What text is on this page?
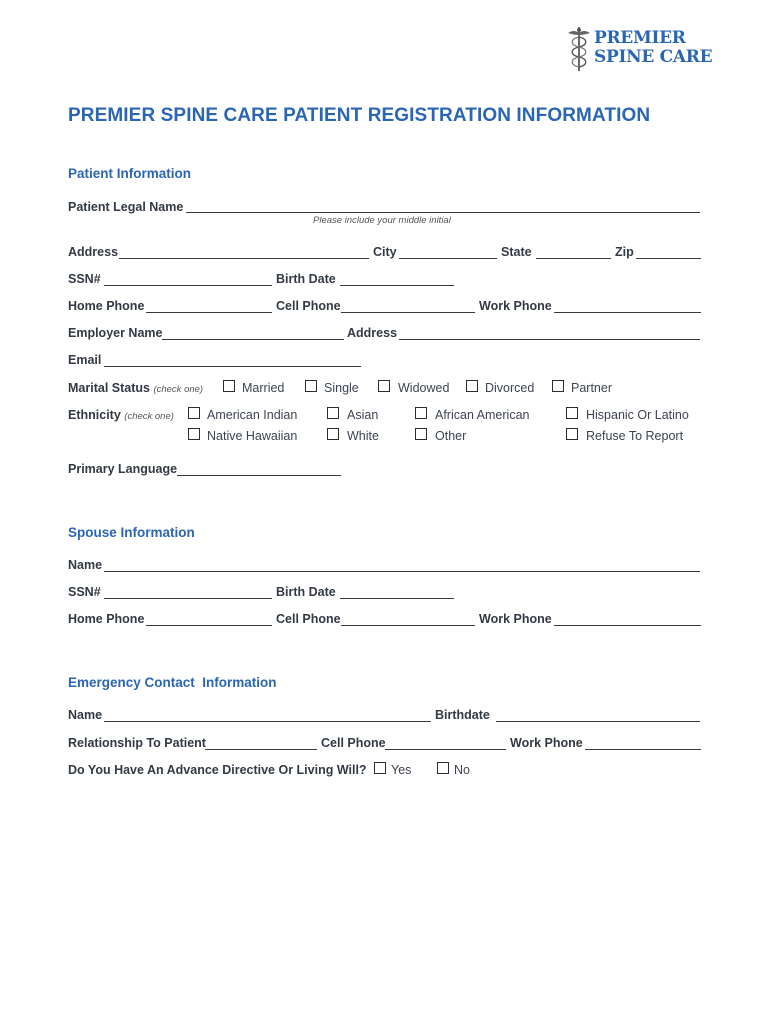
PREMIER
SPINE CARE
PREMIER SPINE CARE PATIENT REGISTRATION INFORMATION
Patient Information
Patient Legal Name
Please include your middle initial
Address	City	State	Zip
SSN#	Birth Date
Home Phone	Cell Phone	Work Phone
Employer Name	Address
Email
Marital Status (check one)	Married	Single	Widowed	Divorced	Partner
Ethnicity (check one)	American Indian	Asian	African American	Hispanic Or Latino
Native Hawaiian	White	Other	Refuse To Report
Primary Language
Spouse Information
Name
SSN#	Birth Date
Home Phone	Cell Phone	Work Phone
Emergency Contact  Information
Name	Birthdate
Relationship To Patient	Cell Phone	Work Phone
Do You Have An Advance Directive Or Living Will? Yes	No
